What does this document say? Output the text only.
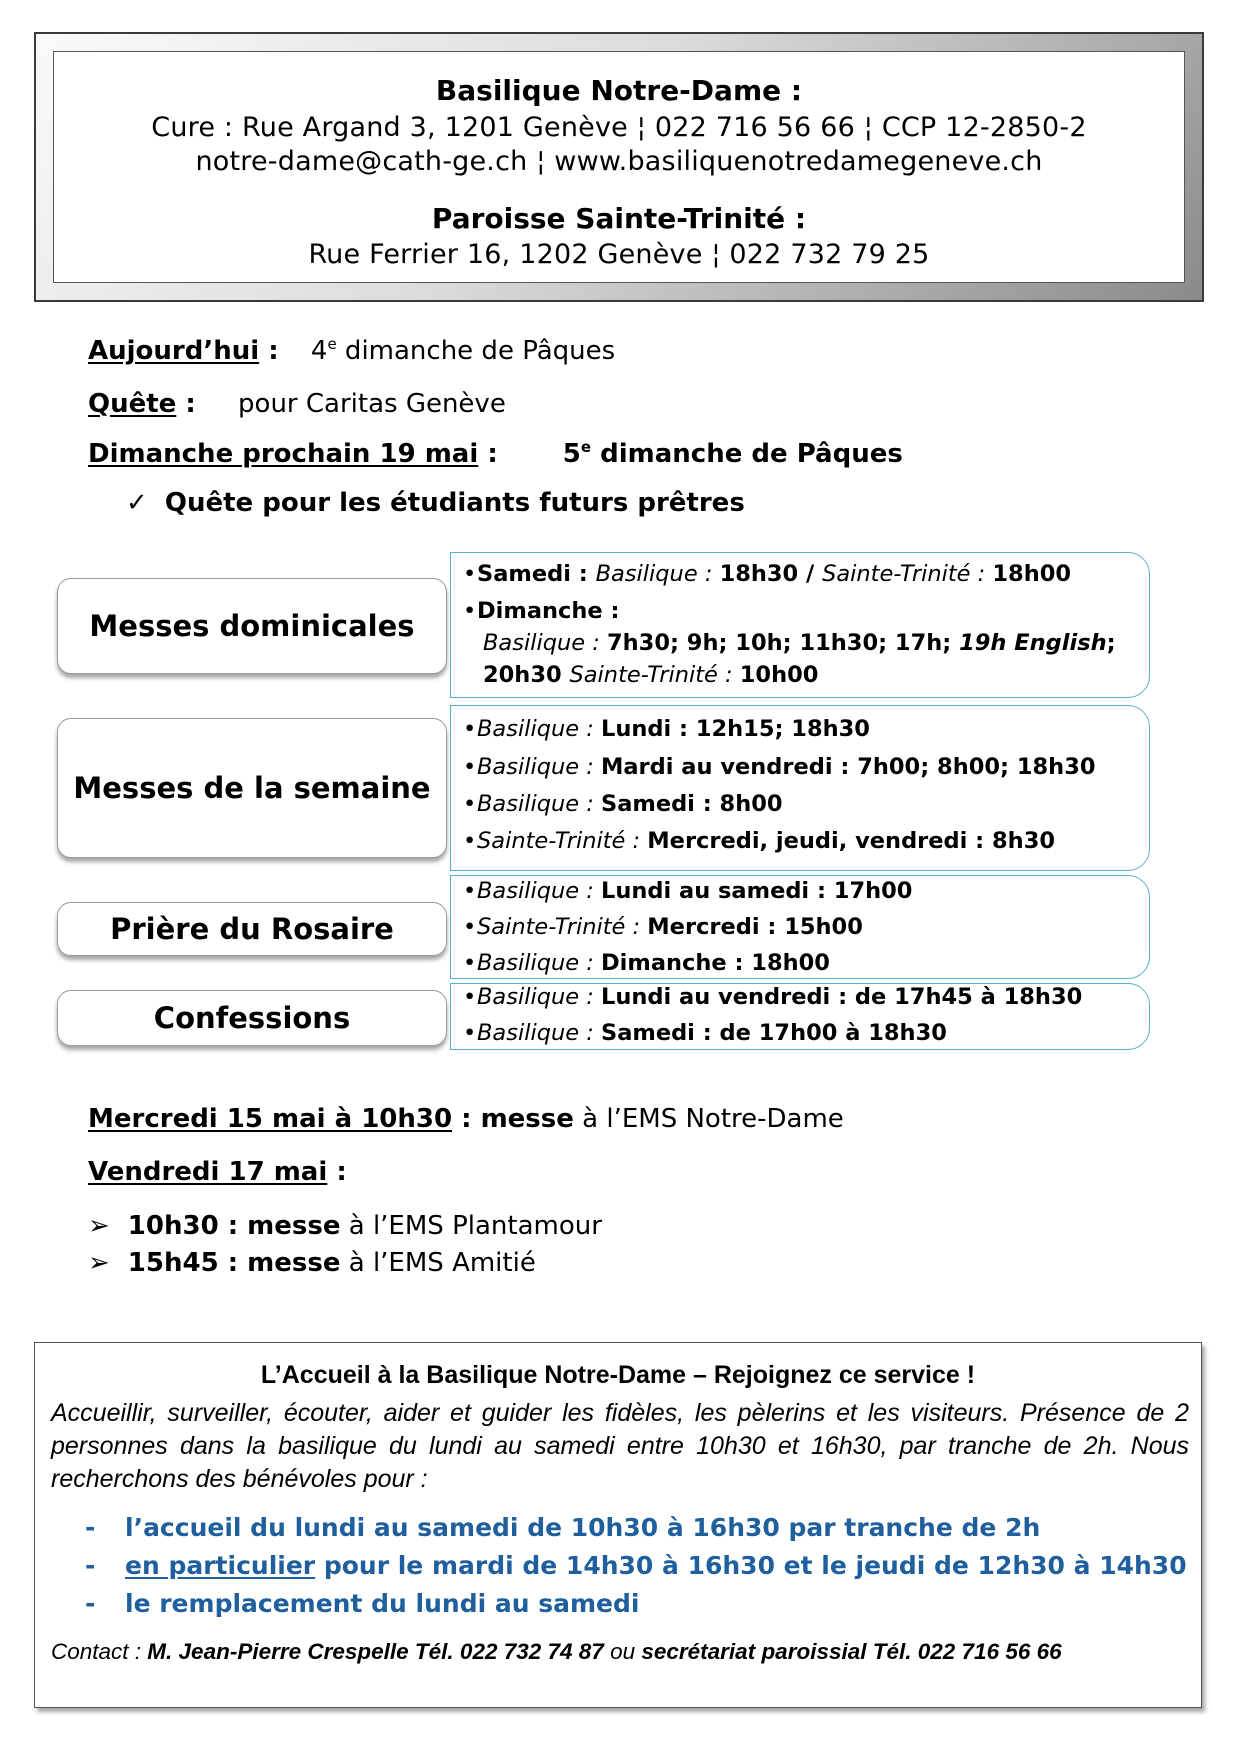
Basilique Notre-Dame :
Cure : Rue Argand 3, 1201 Genève ¦ 022 716 56 66 ¦ CCP 12-2850-2
notre-dame@cath-ge.ch ¦ www.basiliquenotredamegeneve.ch
Paroisse Sainte-Trinité :
Rue Ferrier 16, 1202 Genève ¦ 022 732 79 25
Aujourd’hui : 4e dimanche de Pâques
Quête : pour Caritas Genève
Dimanche prochain 19 mai :	5e dimanche de Pâques
✓ Quête pour les étudiants futurs prêtres
Messes dominicales
•Samedi : Basilique : 18h30 / Sainte-Trinité : 18h00
•Dimanche :
Basilique : 7h30; 9h; 10h; 11h30; 17h; 19h English;
20h30 Sainte-Trinité : 10h00
Messes de la semaine
•Basilique : Lundi : 12h15; 18h30
•Basilique : Mardi au vendredi : 7h00; 8h00; 18h30
•Basilique : Samedi : 8h00
•Sainte-Trinité : Mercredi, jeudi, vendredi : 8h30
Prière du Rosaire
•Basilique : Lundi au samedi : 17h00
•Sainte-Trinité : Mercredi : 15h00
•Basilique : Dimanche : 18h00
Confessions
•Basilique : Lundi au vendredi : de 17h45 à 18h30
•Basilique : Samedi : de 17h00 à 18h30
Mercredi 15 mai à 10h30 : messe à l’EMS Notre-Dame
Vendredi 17 mai :
➢ 10h30 : messe à l’EMS Plantamour
➢ 15h45 : messe à l’EMS Amitié
L’Accueil à la Basilique Notre-Dame – Rejoignez ce service !
Accueillir, surveiller, écouter, aider et guider les fidèles, les pèlerins et les visiteurs. Présence de 2 personnes dans la basilique du lundi au samedi entre 10h30 et 16h30, par tranche de 2h. Nous recherchons des bénévoles pour :
- l’accueil du lundi au samedi de 10h30 à 16h30 par tranche de 2h
- en particulier pour le mardi de 14h30 à 16h30 et le jeudi de 12h30 à 14h30
- le remplacement du lundi au samedi
Contact : M. Jean-Pierre Crespelle Tél. 022 732 74 87 ou secrétariat paroissial Tél. 022 716 56 66
